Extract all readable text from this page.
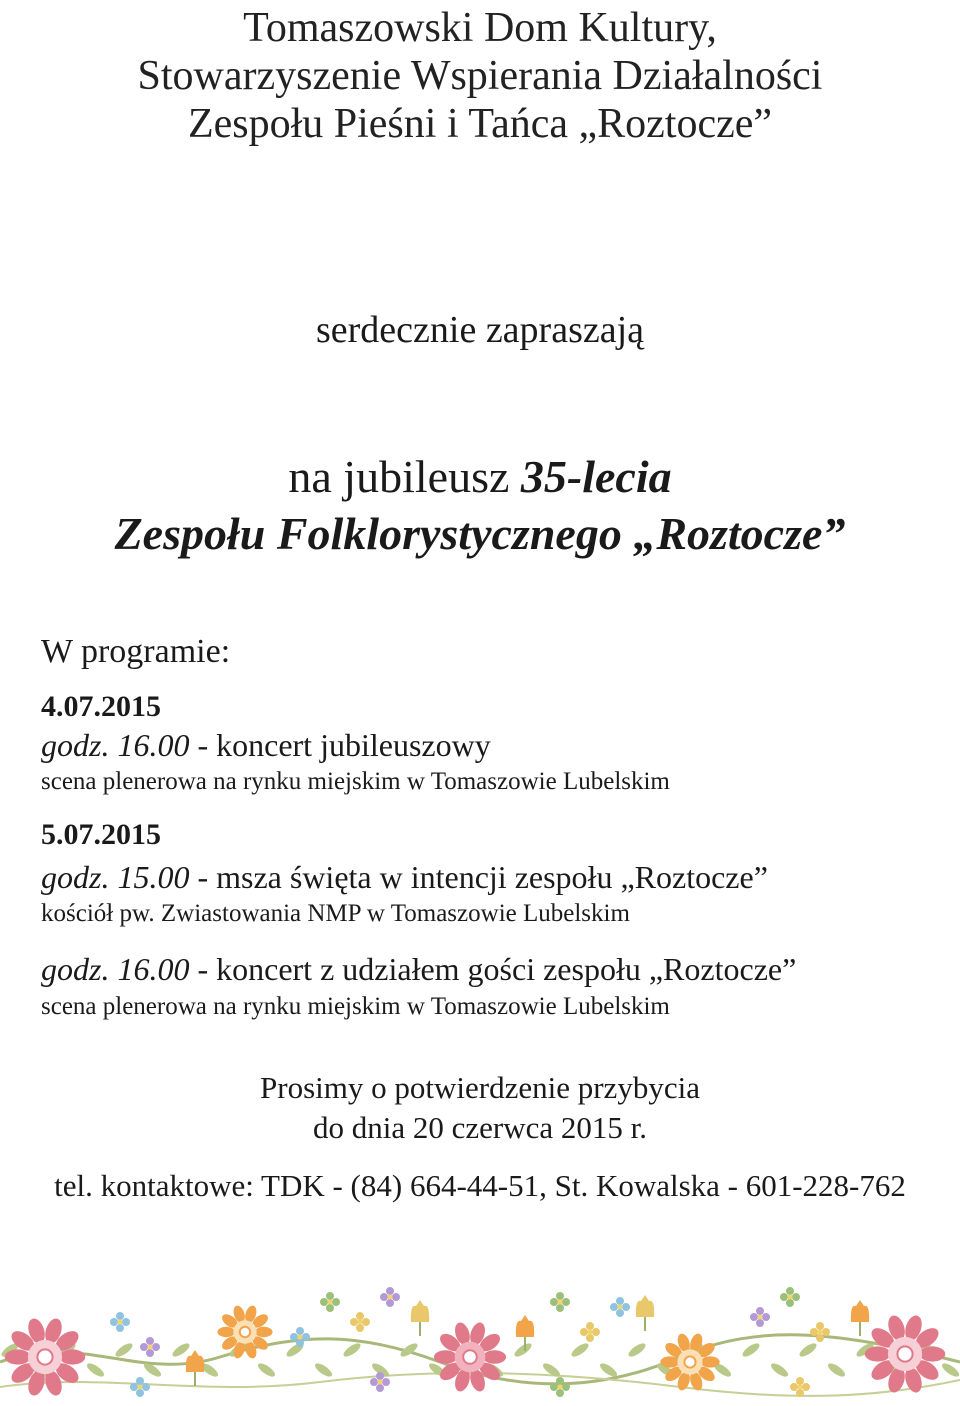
Tomaszowski Dom Kultury,
Stowarzyszenie Wspierania Działalności
Zespołu Pieśni i Tańca „Roztocze”
serdecznie zapraszają
na jubileusz 35-lecia
Zespołu Folklorystycznego „Roztocze”
W programie:
4.07.2015
godz. 16.00 - koncert jubileuszowy
scena plenerowa na rynku miejskim w Tomaszowie Lubelskim
5.07.2015
godz. 15.00 - msza święta w intencji zespołu „Roztocze”
kościół pw. Zwiastowania NMP w Tomaszowie Lubelskim
godz. 16.00 - koncert z udziałem gości zespołu „Roztocze”
scena plenerowa na rynku miejskim w Tomaszowie Lubelskim
Prosimy o potwierdzenie przybycia
do dnia 20 czerwca 2015 r.
tel. kontaktowe: TDK - (84) 664-44-51, St. Kowalska - 601-228-762
